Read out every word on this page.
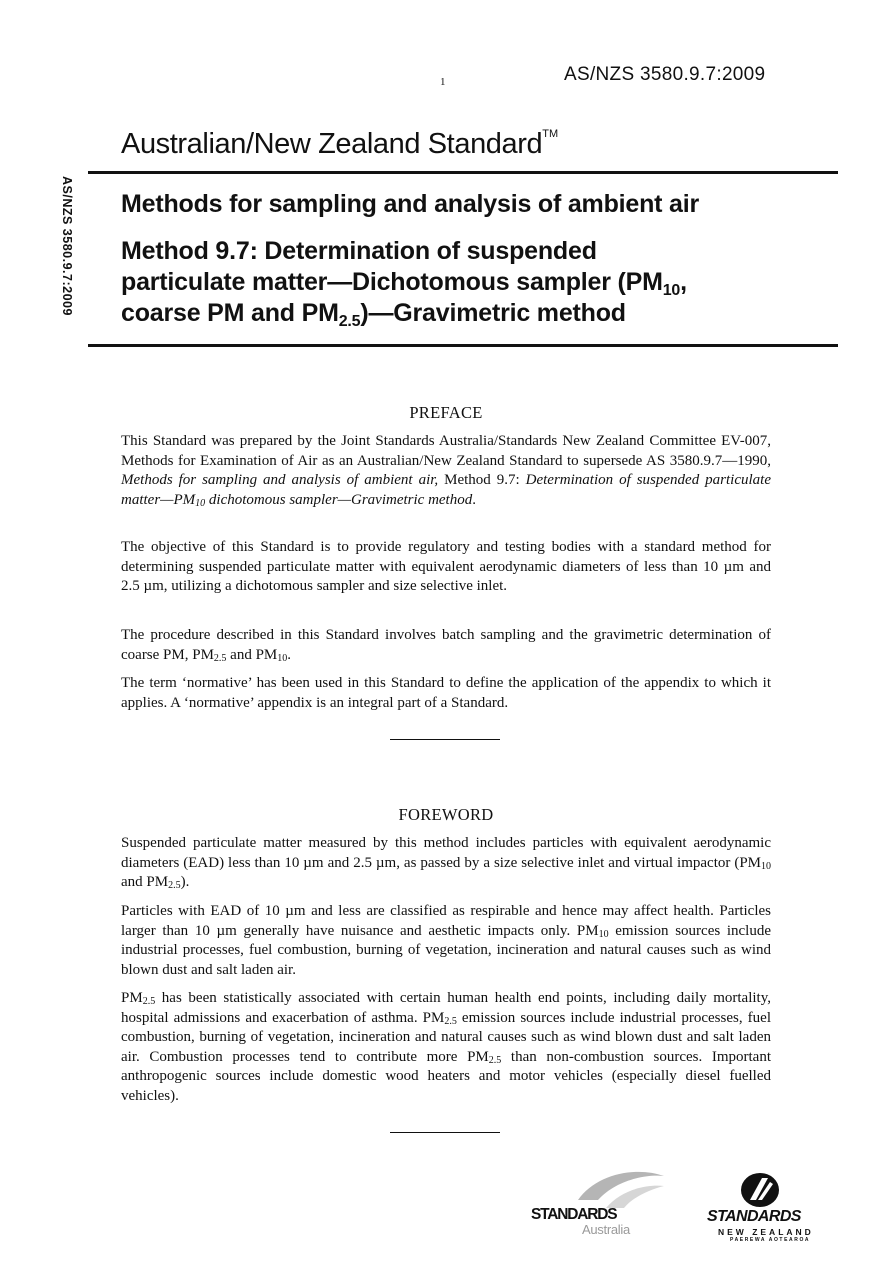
1	AS/NZS 3580.9.7:2009
AS/NZS 3580.9.7:2009
Australian/New Zealand Standard™
Methods for sampling and analysis of ambient air
Method 9.7: Determination of suspended
particulate matter—Dichotomous sampler ($PM_{10}$,
coarse PM and $PM_{2.5})—Gravimetric$ method
PREFACE
This Standard was prepared by the Joint Standards Australia/Standards New Zealand Committee EV-007, Methods for Examination of Air as an Australian/New Zealand Standard to supersede AS 3580.9.7—1990, Methods for sampling and analysis of ambient air, Method 9.7: Determination of suspended particulate $matter—PM_{10}$ dichotomous sampler—Gravimetric method.
The objective of this Standard is to provide regulatory and testing bodies with a standard method for determining suspended particulate matter with equivalent aerodynamic diameters of less than 10 µm and 2.5 µm, utilizing a dichotomous sampler and size selective inlet.
The procedure described in this Standard involves batch sampling and the gravimetric determination of coarse PM, $PM_{2.5}$ and $PM_{10}$.
The term ‘normative’ has been used in this Standard to define the application of the appendix to which it applies. A ‘normative’ appendix is an integral part of a Standard.
FOREWORD
Suspended particulate matter measured by this method includes particles with equivalent aerodynamic diameters (EAD) less than 10 µm and 2.5 µm, as passed by a size selective inlet and virtual impactor ($PM_{10}$ and $PM_{2.5}$).
Particles with EAD of 10 µm and less are classified as respirable and hence may affect health. Particles larger than 10 µm generally have nuisance and aesthetic impacts only. $PM_{10}$ emission sources include industrial processes, fuel combustion, burning of vegetation, incineration and natural causes such as wind blown dust and salt laden air.
$PM_{2.5}$ has been statistically associated with certain human health end points, including daily mortality, hospital admissions and exacerbation of asthma. $PM_{2.5}$ emission sources include industrial processes, fuel combustion, burning of vegetation, incineration and natural causes such as wind blown dust and salt laden air. Combustion processes tend to contribute more $PM_{2.5}$ than non-combustion sources. Important anthropogenic sources include domestic wood heaters and motor vehicles (especially diesel fuelled vehicles).
STANDARDS
Australia
STANDARDS
NEW ZEALAND
PAEREWA AOTEAROA
